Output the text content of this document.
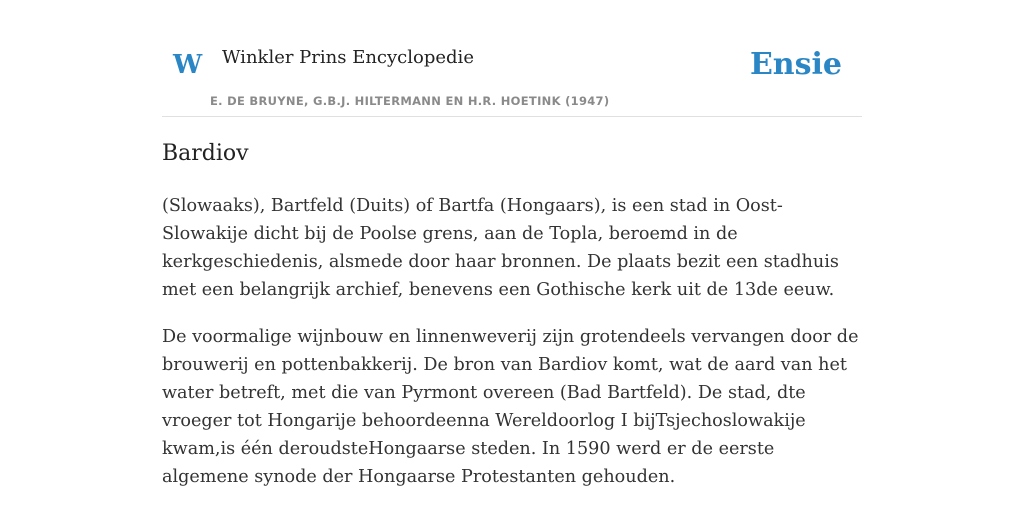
W Winkler Prins Encyclopedie
E. DE BRUYNE, G.B.J. HILTERMANN EN H.R. HOETINK (1947)
Ensie
Bardiov

(Slowaaks), Bartfeld (Duits) of Bartfa (Hongaars), is een stad in Oost-Slowakije dicht bij de Poolse grens, aan de Topla, beroemd in de kerkgeschiedenis, alsmede door haar bronnen. De plaats bezit een stadhuis met een belangrijk archief, benevens een Gothische kerk uit de 13de eeuw.

De voormalige wijnbouw en linnenweverij zijn grotendeels vervangen door de brouwerij en pottenbakkerij. De bron van Bardiov komt, wat de aard van het water betreft, met die van Pyrmont overeen (Bad Bartfeld). De stad, dte vroeger tot Hongarije behoordeenna Wereldoorlog I bijTsjechoslowakije kwam,is één deroudsteHongaarse steden. In 1590 werd er de eerste algemene synode der Hongaarse Protestanten gehouden.
